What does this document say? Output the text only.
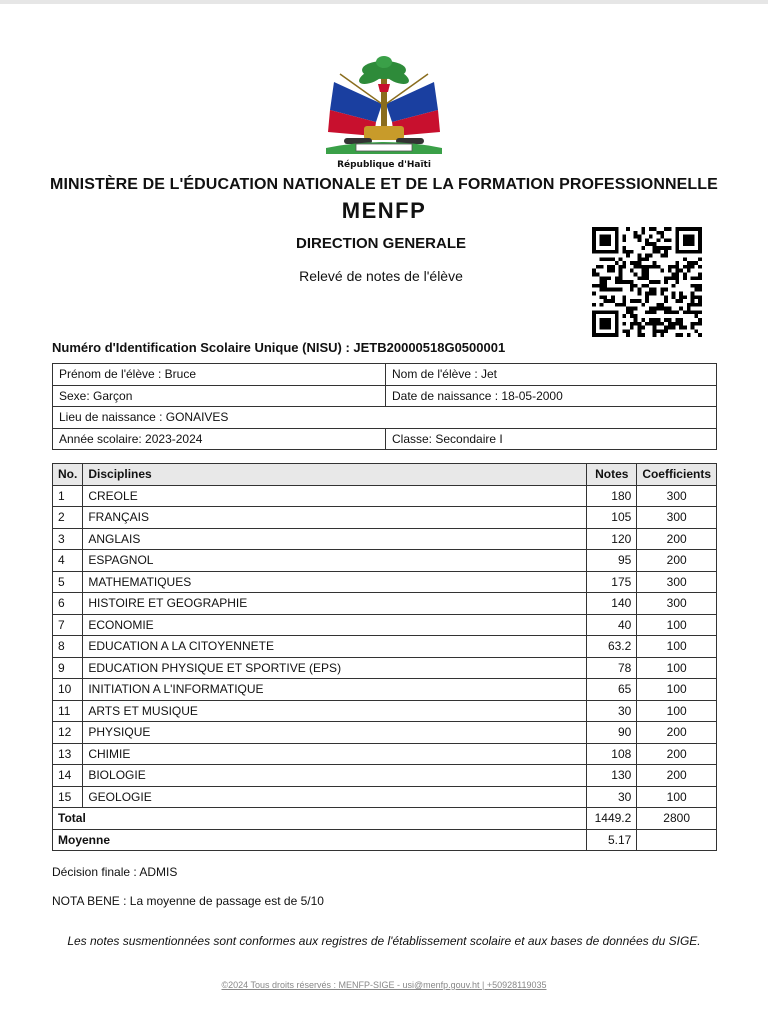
République d'Haïti
MINISTÈRE DE L'ÉDUCATION NATIONALE ET DE LA FORMATION PROFESSIONNELLE
MENFP
DIRECTION GENERALE
Relevé de notes de l'élève
Numéro d'Identification Scolaire Unique (NISU) : JETB20000518G0500001
Prénom de l'élève : Bruce	Nom de l'élève : Jet
Sexe: Garçon	Date de naissance : 18-05-2000
Lieu de naissance : GONAIVES	
Année scolaire: 2023-2024	Classe: Secondaire I
No.	Disciplines	Notes	Coefficients
1	CREOLE	180	300
2	FRANÇAIS	105	300
3	ANGLAIS	120	200
4	ESPAGNOL	95	200
5	MATHEMATIQUES	175	300
6	HISTOIRE ET GEOGRAPHIE	140	300
7	ECONOMIE	40	100
8	EDUCATION A LA CITOYENNETE	63.2	100
9	EDUCATION PHYSIQUE ET SPORTIVE (EPS)	78	100
10	INITIATION A L'INFORMATIQUE	65	100
11	ARTS ET MUSIQUE	30	100
12	PHYSIQUE	90	200
13	CHIMIE	108	200
14	BIOLOGIE	130	200
15	GEOLOGIE	30	100
Total		1449.2	2800
Moyenne		5.17	
Décision finale : ADMIS
NOTA BENE : La moyenne de passage est de 5/10
Les notes susmentionnées sont conformes aux registres de l'établissement scolaire et aux bases de données du SIGE.
©2024 Tous droits réservés : MENFP-SIGE - usi@menfp.gouv.ht | +50928119035
